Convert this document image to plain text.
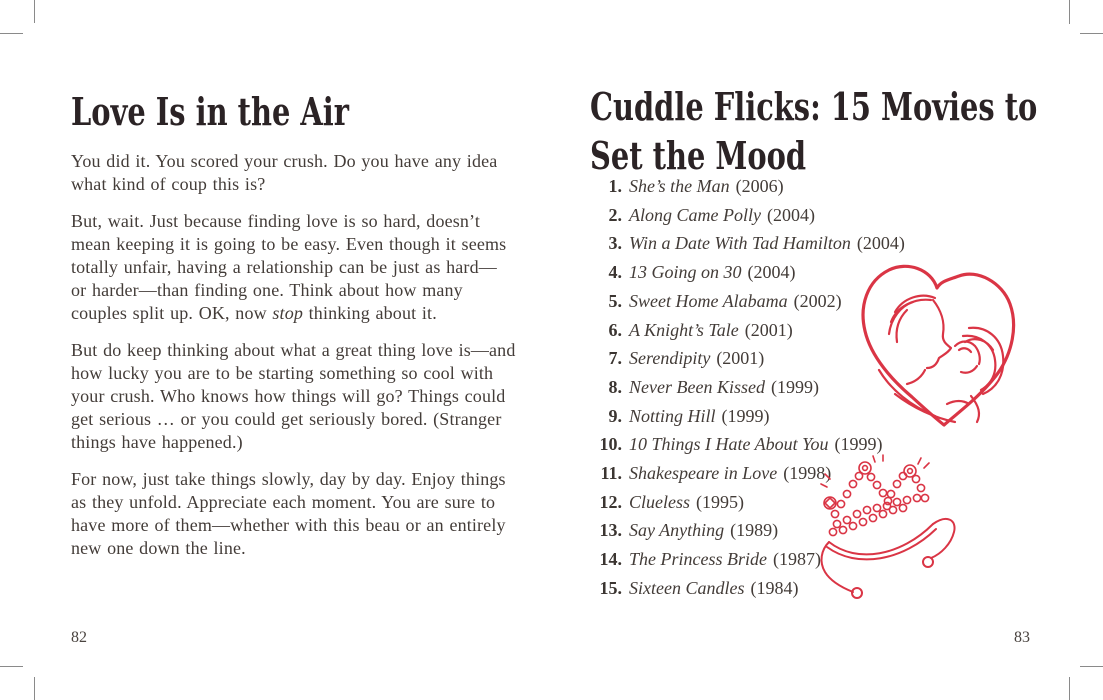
Love Is in the Air
You did it. You scored your crush. Do you have any idea
what kind of coup this is?
But, wait. Just because finding love is so hard, doesn’t
mean keeping it is going to be easy. Even though it seems
totally unfair, having a relationship can be just as hard—
or harder—than finding one. Think about how many
couples split up. OK, now stop thinking about it.
But do keep thinking about what a great thing love is—and
how lucky you are to be starting something so cool with
your crush. Who knows how things will go? Things could
get serious … or you could get seriously bored. (Stranger
things have happened.)
For now, just take things slowly, day by day. Enjoy things
as they unfold. Appreciate each moment. You are sure to
have more of them—whether with this beau or an entirely
new one down the line.
82
Cuddle Flicks: 15 Movies to
Set the Mood
1. She’s the Man (2006)
2. Along Came Polly (2004)
3. Win a Date With Tad Hamilton (2004)
4. 13 Going on 30 (2004)
5. Sweet Home Alabama (2002)
6. A Knight’s Tale (2001)
7. Serendipity (2001)
8. Never Been Kissed (1999)
9. Notting Hill (1999)
10. 10 Things I Hate About You (1999)
11. Shakespeare in Love (1998)
12. Clueless (1995)
13. Say Anything (1989)
14. The Princess Bride (1987)
15. Sixteen Candles (1984)
83
